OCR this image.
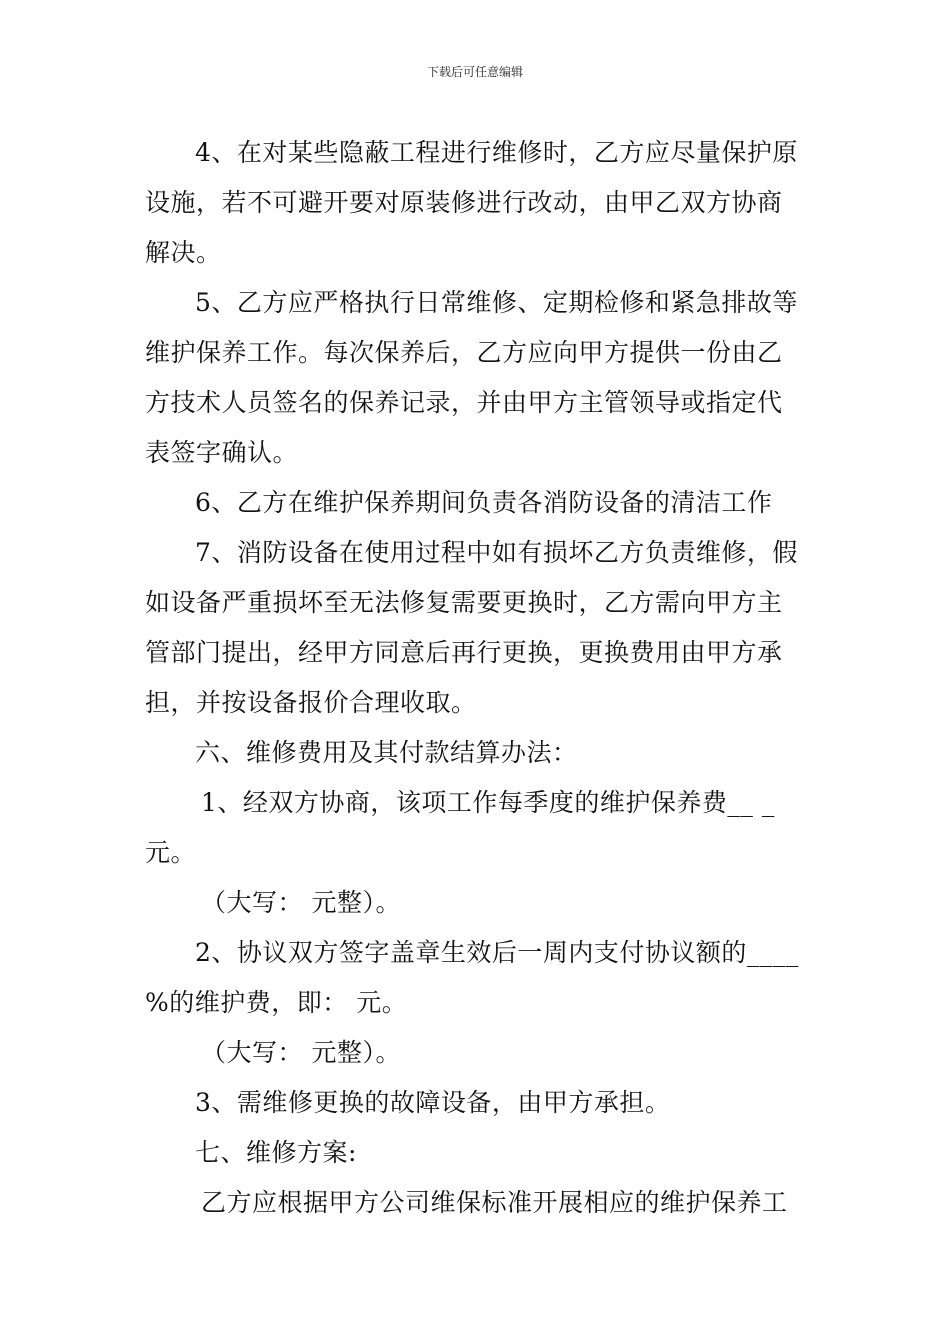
下载后可任意编辑
4、在对某些隐蔽工程进行维修时，乙方应尽量保护原
设施，若不可避开要对原装修进行改动，由甲乙双方协商
解决。
5、乙方应严格执行日常维修、定期检修和紧急排故等
维护保养工作。每次保养后，乙方应向甲方提供一份由乙
方技术人员签名的保养记录，并由甲方主管领导或指定代
表签字确认。
6、乙方在维护保养期间负责各消防设备的清洁工作
7、消防设备在使用过程中如有损坏乙方负责维修，假
如设备严重损坏至无法修复需要更换时，乙方需向甲方主
管部门提出，经甲方同意后再行更换，更换费用由甲方承
担，并按设备报价合理收取。
六、维修费用及其付款结算办法：
1、经双方协商，该项工作每季度的维护保养费__ _
元。
（大写： 元整）。
2、协议双方签字盖章生效后一周内支付协议额的____
%的维护费，即： 元。
（大写： 元整）。
3、需维修更换的故障设备，由甲方承担。
七、维修方案:
乙方应根据甲方公司维保标准开展相应的维护保养工
